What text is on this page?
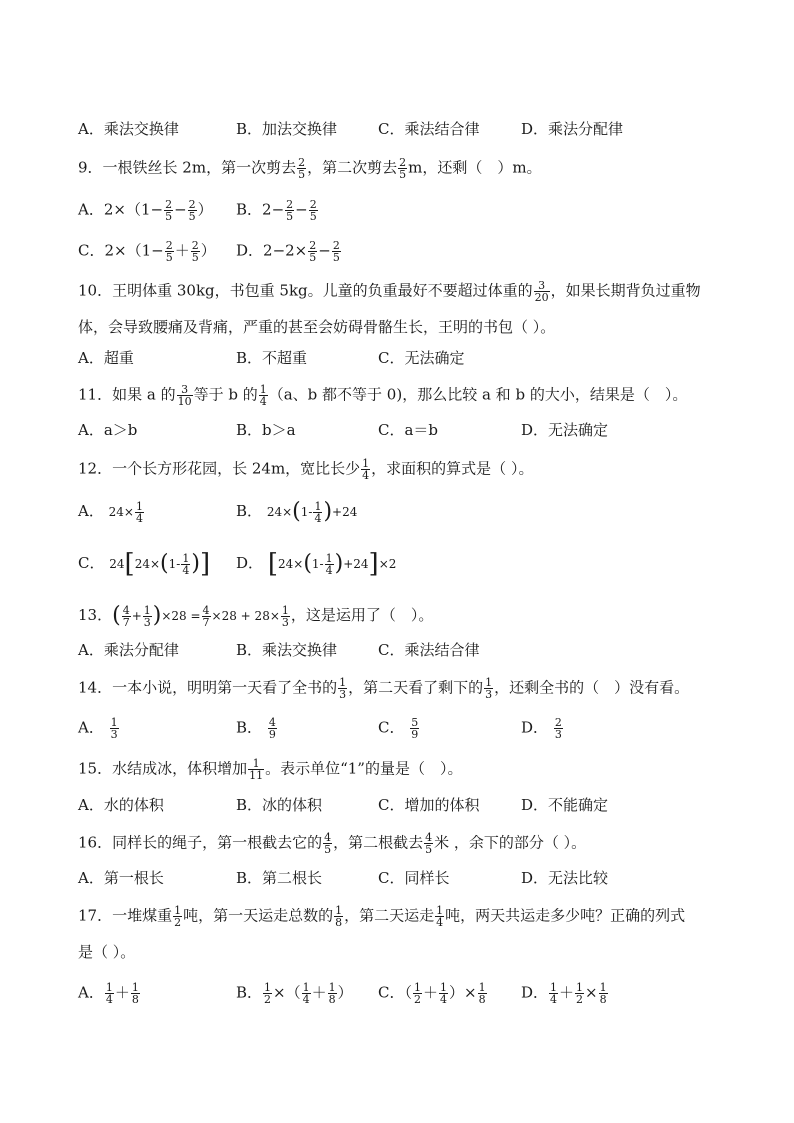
A．乘法交换律	B．加法交换律	C．乘法结合律	D．乘法分配律
9．一根铁丝长 2m，第一次剪去 $\frac{2}{5}$ ，第二次剪去 $\frac{2}{5}$ m，还剩（　）m。
A．$2\times(1- \frac{2}{5} - \frac{2}{5}$ ） B．$2- \frac{2}{5} - \frac{2}{5}$
C．$2\times(1- \frac{2}{5} + \frac{2}{5}$ ） D．$2-2\times \frac{2}{5} - \frac{2}{5}$
10．王明体重 30kg，书包重 5kg。儿童的负重最好不要超过体重的 $\frac{3}{20}$ ，如果长期背负过重物
体，会导致腰痛及背痛，严重的甚至会妨碍骨骼生长，王明的书包（ ）。
A．超重	B．不超重	C．无法确定
11．如果 a 的 $\frac{3}{10}$ 等于 b 的 $\frac{1}{4} (a$、b 都不等于 0)，那么比较 a 和 b 的大小，结果是（　）。
A．a＞b	B．b＞a	C．a＝b	D．无法确定
12．一个长方形花园，长 24m，宽比长少 $\frac{1}{4}$ ，求面积的算式是（ ）。
A． $24\times \frac{1}{4}$	B． $24\times(1- \frac{1}{4} )+24$
C． $24[24\times(1- \frac{1}{4}$ )] D． $[24\times(1- \frac{1}{4} )+24]\times 2$
13．( $\frac{4}{7} + \frac{1}{3} )\times 28 = \frac{4}{7} \times 28 + 28\times \frac{1}{3}$ ，这是运用了（　）。
A．乘法分配律	B．乘法交换律	C．乘法结合律
14．一本小说，明明第一天看了全书的 $\frac{1}{3}$ ，第二天看了剩下的 $\frac{1}{3}$ ，还剩全书的（　）没有看。
A． $\frac{1}{3}$	B． $\frac{4}{9}$	C． $\frac{5}{9}$	D． $\frac{2}{3}$
15．水结成冰，体积增加 $\frac{1}{11}$ 。表示单位“1”的量是（　）。
A．水的体积	B．冰的体积	C．增加的体积	D．不能确定
16．同样长的绳子，第一根截去它的 $\frac{4}{5}$ ，第二根截去 $\frac{4}{5}$ 米 ，余下的部分（ ）。
A．第一根长	B．第二根长	C．同样长	D．无法比较
17．一堆煤重 $\frac{1}{2}$ 吨，第一天运走总数的 $\frac{1}{8}$ ，第二天运走 $\frac{1}{4}$ 吨，两天共运走多少吨？正确的列式
是（ ）。
A． $\frac{1}{4} + \frac{1}{8}$	B． $\frac{1}{2}$ ×（ $\frac{1}{4} + \frac{1}{8}$ ） C．（ $\frac{1}{2} + \frac{1}{4}$ ）× $\frac{1}{8}$ D． $\frac{1}{4} + \frac{1}{2} \times \frac{1}{8}$
